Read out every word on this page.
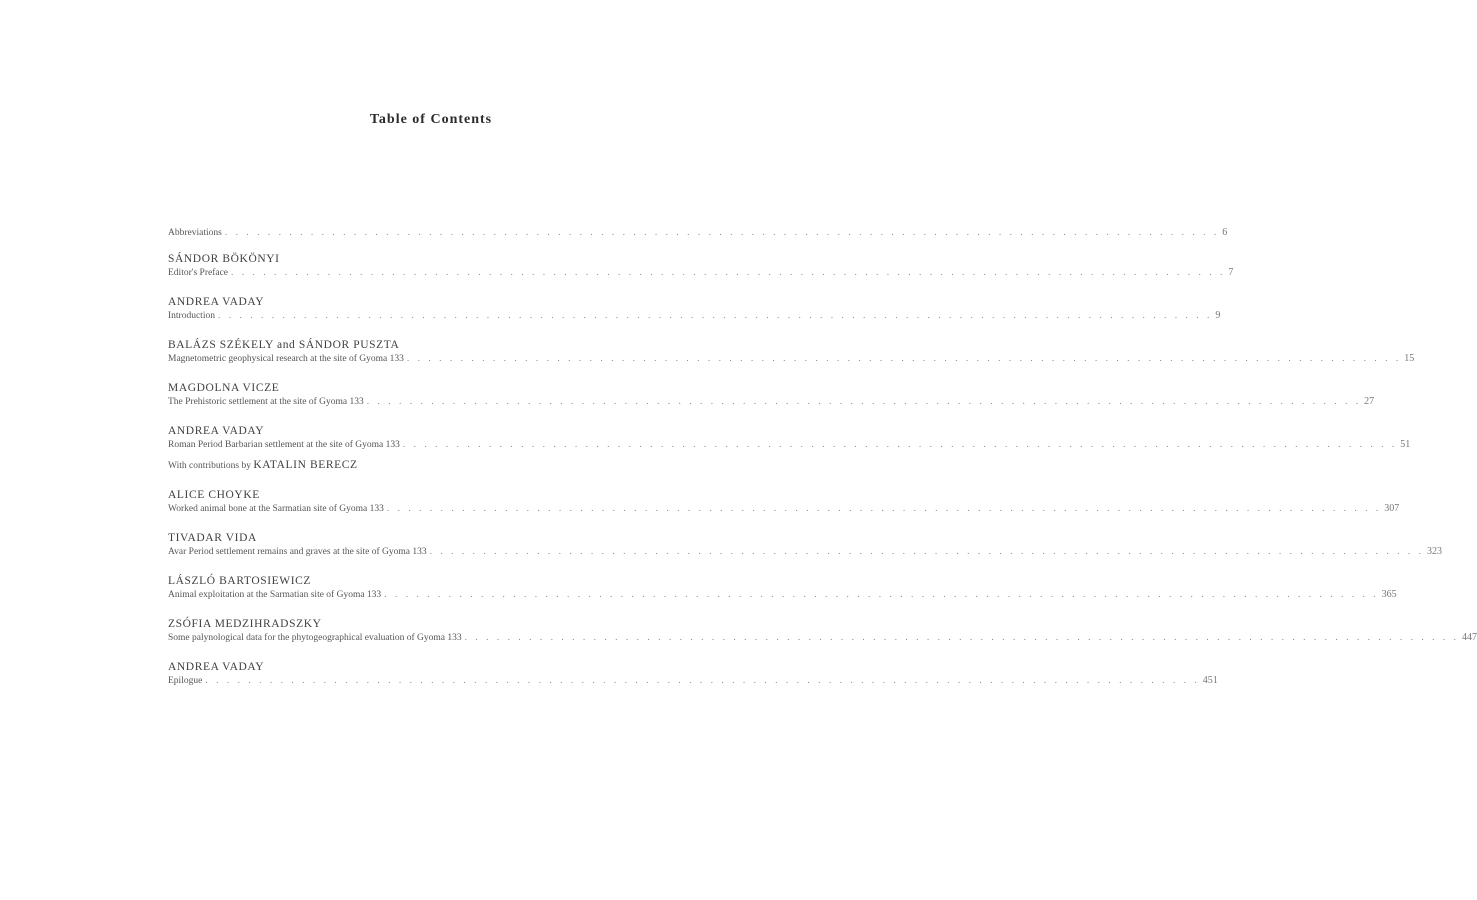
Table of Contents
Abbreviations . . . . . . . . . . . . . . . . . . . . . . . . . . . . . . . . . . . . . . . . . . . . . . . . . . . . . . . . . . . . . . . . . . . . . . . . . . . . . . . . . . . . . . . . . . . . . 6
SÁNDOR BÖKÖNYI
Editor's Preface . . . . . . . . . . . . . . . . . . . . . . . . . . . . . . . . . . . . . . . . . . . . . . . . . . . . . . . . . . . . . . . . . . . . . . . . . . . . . . . . . . . . . . . . . . . . . 7
ANDREA VADAY
Introduction . . . . . . . . . . . . . . . . . . . . . . . . . . . . . . . . . . . . . . . . . . . . . . . . . . . . . . . . . . . . . . . . . . . . . . . . . . . . . . . . . . . . . . . . . . . . . 9
BALÁZS SZÉKELY and SÁNDOR PUSZTA
Magnetometric geophysical research at the site of Gyoma 133 . . . . . . . . . . . . . . . . . . . . . . . . . . . . . . . . . . . . . . . . . . . . . . . . . . . . . . . . . . . . . . . . . . . . . . . . . . . . . . . . . . . . . . . . . . . . . 15
MAGDOLNA VICZE
The Prehistoric settlement at the site of Gyoma 133 . . . . . . . . . . . . . . . . . . . . . . . . . . . . . . . . . . . . . . . . . . . . . . . . . . . . . . . . . . . . . . . . . . . . . . . . . . . . . . . . . . . . . . . . . . . . . 27
ANDREA VADAY
Roman Period Barbarian settlement at the site of Gyoma 133 . . . . . . . . . . . . . . . . . . . . . . . . . . . . . . . . . . . . . . . . . . . . . . . . . . . . . . . . . . . . . . . . . . . . . . . . . . . . . . . . . . . . . . . . . . . . . 51
With contributions by KATALIN BERECZ
ALICE CHOYKE
Worked animal bone at the Sarmatian site of Gyoma 133 . . . . . . . . . . . . . . . . . . . . . . . . . . . . . . . . . . . . . . . . . . . . . . . . . . . . . . . . . . . . . . . . . . . . . . . . . . . . . . . . . . . . . . . . . . . . . 307
TIVADAR VIDA
Avar Period settlement remains and graves at the site of Gyoma 133 . . . . . . . . . . . . . . . . . . . . . . . . . . . . . . . . . . . . . . . . . . . . . . . . . . . . . . . . . . . . . . . . . . . . . . . . . . . . . . . . . . . . . . . . . . . . . 323
LÁSZLÓ BARTOSIEWICZ
Animal exploitation at the Sarmatian site of Gyoma 133 . . . . . . . . . . . . . . . . . . . . . . . . . . . . . . . . . . . . . . . . . . . . . . . . . . . . . . . . . . . . . . . . . . . . . . . . . . . . . . . . . . . . . . . . . . . . . 365
ZSÓFIA MEDZIHRADSZKY
Some palynological data for the phytogeographical evaluation of Gyoma 133 . . . . . . . . . . . . . . . . . . . . . . . . . . . . . . . . . . . . . . . . . . . . . . . . . . . . . . . . . . . . . . . . . . . . . . . . . . . . . . . . . . . . . . . . . . . . . 447
ANDREA VADAY
Epilogue . . . . . . . . . . . . . . . . . . . . . . . . . . . . . . . . . . . . . . . . . . . . . . . . . . . . . . . . . . . . . . . . . . . . . . . . . . . . . . . . . . . . . . . . . . . . . 451
